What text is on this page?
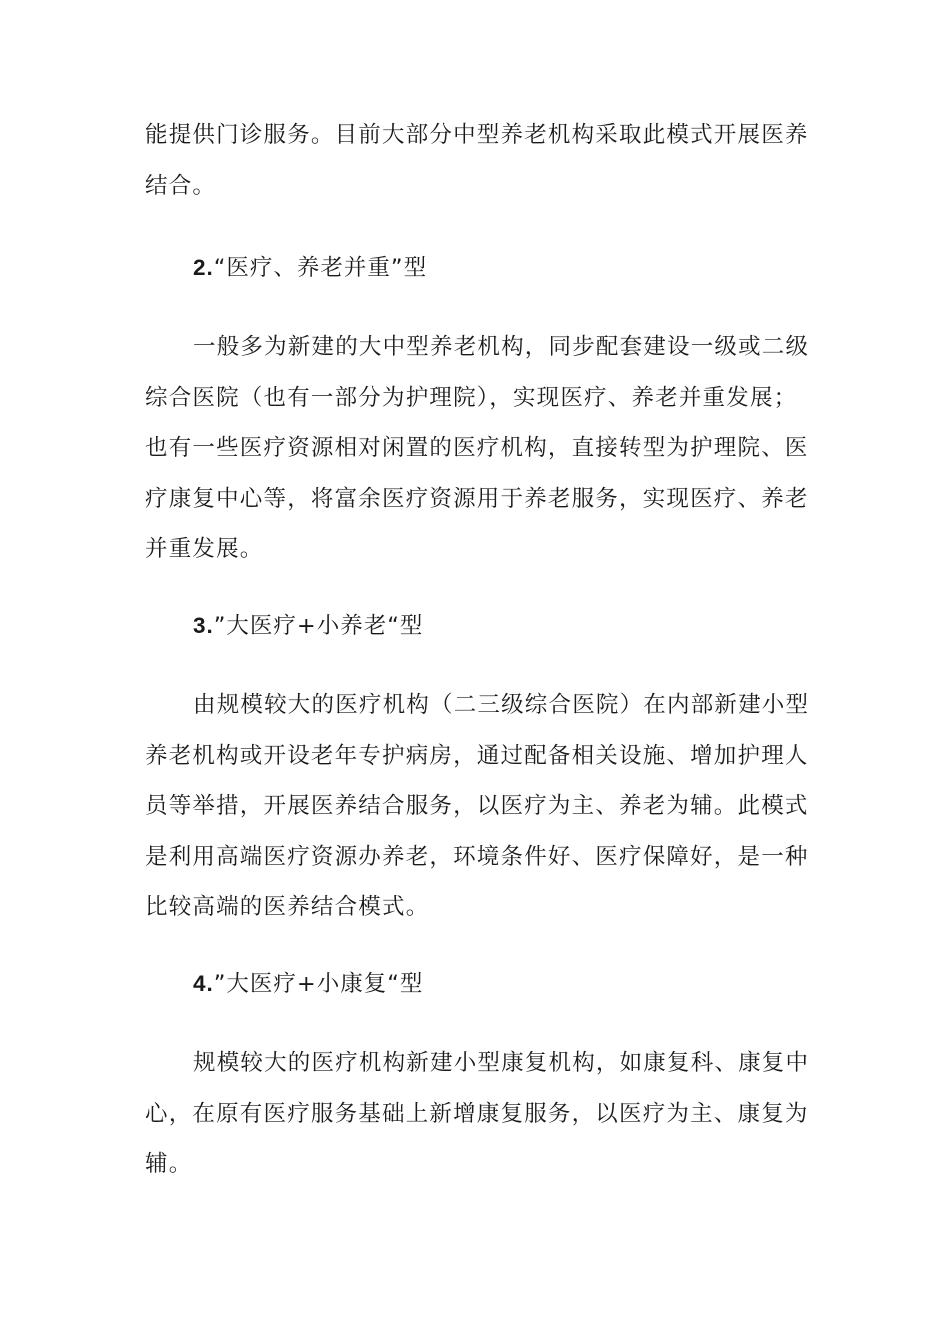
能提供门诊服务。目前大部分中型养老机构采取此模式开展医养
结合。

2.“医疗、养老并重”型

一般多为新建的大中型养老机构，同步配套建设一级或二级
综合医院（也有一部分为护理院），实现医疗、养老并重发展；
也有一些医疗资源相对闲置的医疗机构，直接转型为护理院、医
疗康复中心等，将富余医疗资源用于养老服务，实现医疗、养老
并重发展。

3.”大医疗+小养老“型

由规模较大的医疗机构（二三级综合医院）在内部新建小型
养老机构或开设老年专护病房，通过配备相关设施、增加护理人
员等举措，开展医养结合服务，以医疗为主、养老为辅。此模式
是利用高端医疗资源办养老，环境条件好、医疗保障好，是一种
比较高端的医养结合模式。

4.”大医疗+小康复“型

规模较大的医疗机构新建小型康复机构，如康复科、康复中
心，在原有医疗服务基础上新增康复服务，以医疗为主、康复为
辅。
